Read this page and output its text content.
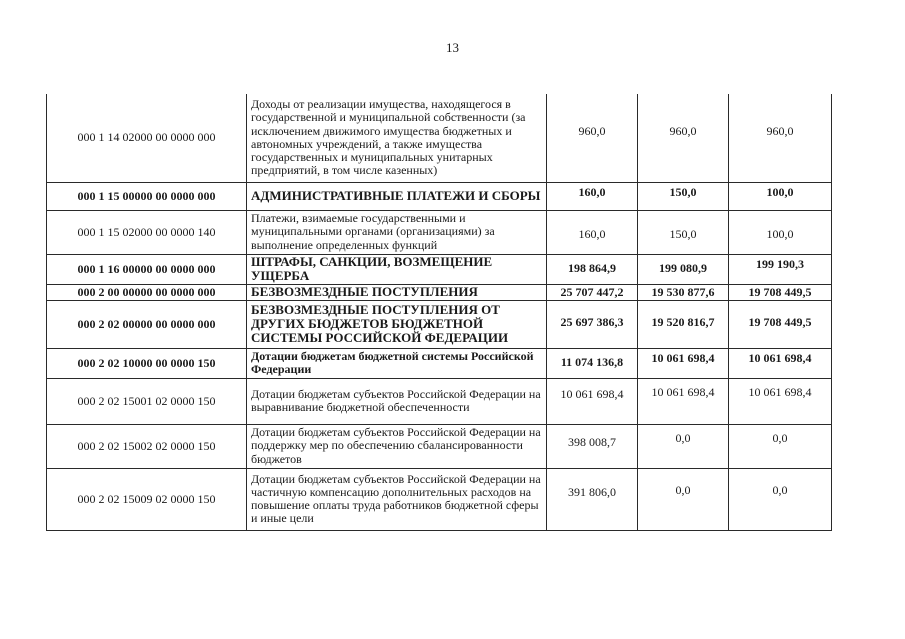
13
000 1 14 02000 00 0000 000	Доходы от реализации имущества, находящегося в государственной и муниципальной собственности (за исключением движимого имущества бюджетных и автономных учреждений, а также имущества государственных и муниципальных унитарных предприятий, в том числе казенных)	960,0	960,0	960,0

000 1 15 00000 00 0000 000	АДМИНИСТРАТИВНЫЕ ПЛАТЕЖИ И СБОРЫ	160,0	150,0	100,0

000 1 15 02000 00 0000 140	Платежи, взимаемые государственными и муниципальными органами (организациями) за выполнение определенных функций	160,0	150,0	100,0

000 1 16 00000 00 0000 000	ШТРАФЫ, САНКЦИИ, ВОЗМЕЩЕНИЕ УЩЕРБА	198 864,9	199 080,9	199 190,3

000 2 00 00000 00 0000 000	БЕЗВОЗМЕЗДНЫЕ ПОСТУПЛЕНИЯ	25 707 447,2	19 530 877,6	19 708 449,5

000 2 02 00000 00 0000 000	БЕЗВОЗМЕЗДНЫЕ ПОСТУПЛЕНИЯ ОТ ДРУГИХ БЮДЖЕТОВ БЮДЖЕТНОЙ СИСТЕМЫ РОССИЙСКОЙ ФЕДЕРАЦИИ	25 697 386,3	19 520 816,7	19 708 449,5

000 2 02 10000 00 0000 150	Дотации бюджетам бюджетной системы Российской Федерации	11 074 136,8	10 061 698,4	10 061 698,4

000 2 02 15001 02 0000 150	Дотации бюджетам субъектов Российской Федерации на выравнивание бюджетной обеспеченности	10 061 698,4	10 061 698,4	10 061 698,4

000 2 02 15002 02 0000 150	Дотации бюджетам субъектов Российской Федерации на поддержку мер по обеспечению сбалансированности бюджетов	398 008,7	0,0	0,0

000 2 02 15009 02 0000 150	Дотации бюджетам субъектов Российской Федерации на частичную компенсацию дополнительных расходов на повышение оплаты труда работников бюджетной сферы и иные цели	391 806,0	0,0	0,0
